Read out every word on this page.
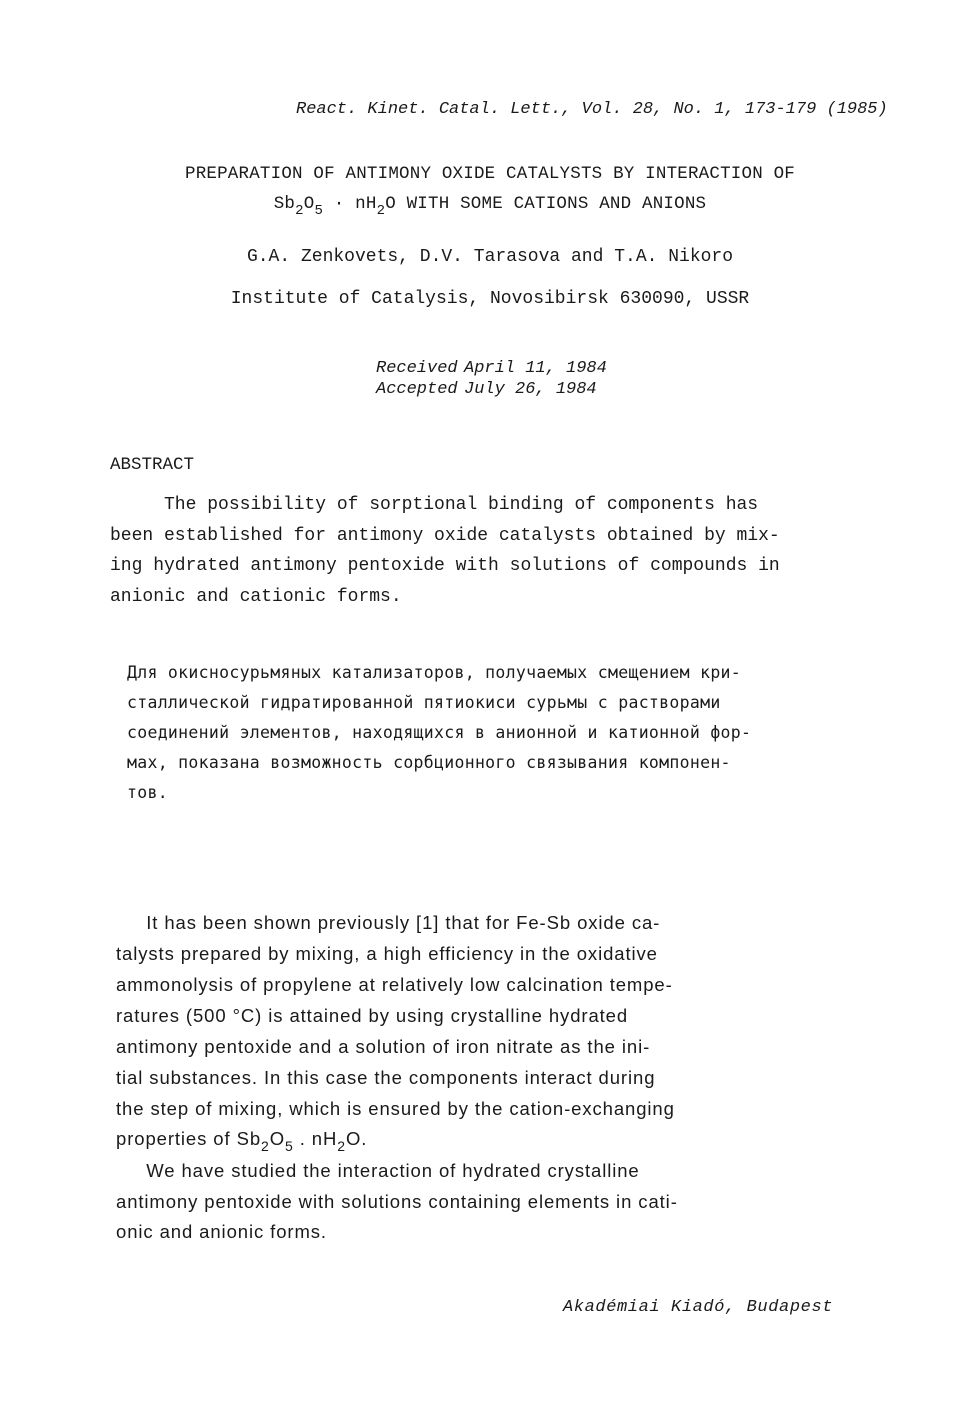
React. Kinet. Catal. Lett., Vol. 28, No. 1, 173-179 (1985)
PREPARATION OF ANTIMONY OXIDE CATALYSTS BY INTERACTION OF
$Sb_2O_5 \cdot nH_2O$ WITH SOME CATIONS AND ANIONS
G.A. Zenkovets, D.V. Tarasova and T.A. Nikoro
Institute of Catalysis, Novosibirsk 630090, USSR
Received April 11, 1984
Accepted July 26, 1984
ABSTRACT
The possibility of sorptional binding of components has
been established for antimony oxide catalysts obtained by mix-
ing hydrated antimony pentoxide with solutions of compounds in
anionic and cationic forms.
Для окисносурьмяных катализаторов, получаемых смещением кри-
сталлической гидратированной пятиокиси сурьмы с растворами
соединений элементов, находящихся в анионной и катионной фор-
мах, показана возможность сорбционного связывания компонен-
тов.
It has been shown previously [1] that for Fe-Sb oxide ca-
talysts prepared by mixing, a high efficiency in the oxidative
ammonolysis of propylene at relatively low calcination tempe-
ratures (500 °C) is attained by using crystalline hydrated
antimony pentoxide and a solution of iron nitrate as the ini-
tial substances. In this case the components interact during
the step of mixing, which is ensured by the cation-exchanging
properties of $Sb_2O_5$ . $nH_2O$.
We have studied the interaction of hydrated crystalline
antimony pentoxide with solutions containing elements in cati-
onic and anionic forms.
Akadémiai Kiadó, Budapest
